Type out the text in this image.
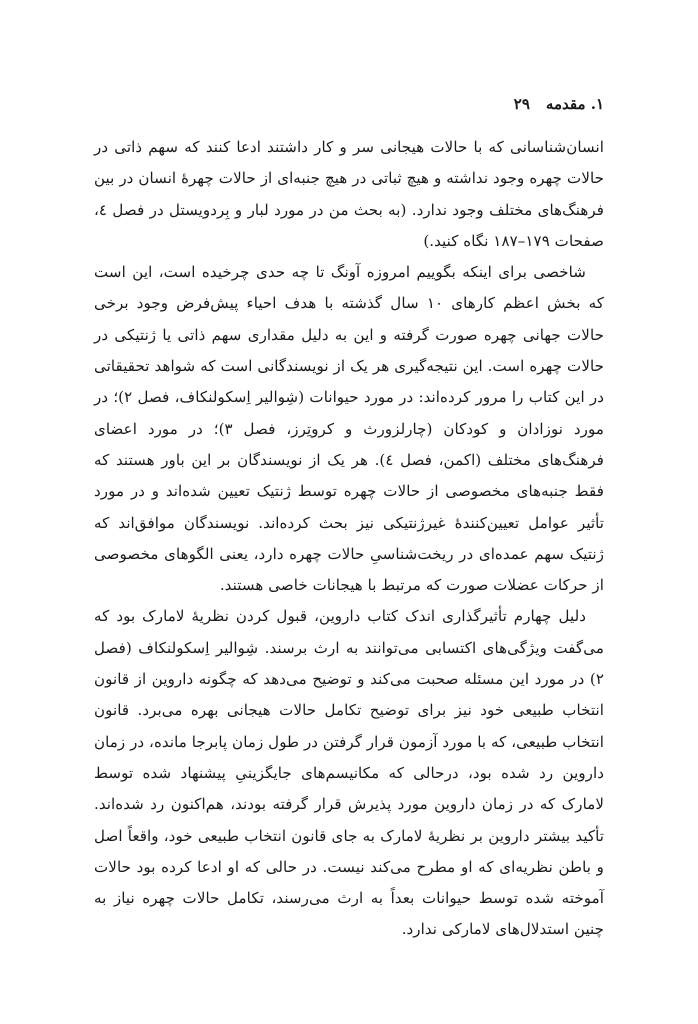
۱. مقدمه
۲۹

انسان‌شناسانی که با حالات هیجانی سر و کار داشتند ادعا کنند که سهم ذاتی در حالات چهره وجود نداشته و هیچ ثباتی در هیچ جنبه‌ای از حالات چهرهٔ انسان در بین فرهنگ‌های مختلف وجود ندارد. (به بحث من در مورد لبار و بِردویستل در فصل ٤، صفحات ۱۷۹–۱۸۷ نگاه کنید.)

شاخصی برای اینکه بگوییم امروزه آونگ تا چه حدی چرخیده است، این است که بخش اعظم کارهای ۱۰ سال گذشته با هدف احیاء پیش‌فرض وجود برخی حالات جهانی چهره صورت گرفته و این به دلیل مقداری سهم ذاتی یا ژنتیکی در حالات چهره است. این نتیجه‌گیری هر یک از نویسندگانی است که شواهد تحقیقاتی در این کتاب را مرور کرده‌اند: در مورد حیوانات (شِوالیر اِسکولنکاف، فصل ۲)؛ در مورد نوزادان و کودکان (چارلزورث و کروتِرز، فصل ۳)؛ در مورد اعضای فرهنگ‌های مختلف (اکمن، فصل ٤). هر یک از نویسندگان بر این باور هستند که فقط جنبه‌های مخصوصی از حالات چهره توسط ژنتیک تعیین شده‌اند و در مورد تأثیر عوامل تعیین‌کنندهٔ غیرژنتیکی نیز بحث کرده‌اند. نویسندگان موافق‌اند که ژنتیک سهم عمده‌ای در ریخت‌شناسیِ حالات چهره دارد، یعنی الگوهای مخصوصی از حرکات عضلات صورت که مرتبط با هیجانات خاصی هستند.

دلیل چهارم تأثیرگذاری اندک کتاب داروین، قبول کردن نظریهٔ لامارک بود که می‌گفت ویژگی‌های اکتسابی می‌توانند به ارث برسند. شِوالیر اِسکولنکاف (فصل ۲) در مورد این مسئله صحبت می‌کند و توضیح می‌دهد که چگونه داروین از قانون انتخاب طبیعی خود نیز برای توضیح تکامل حالات هیجانی بهره می‌برد. قانون انتخاب طبیعی، که با مورد آزمون قرار گرفتن در طول زمان پابرجا مانده، در زمان داروین رد شده بود، درحالی که مکانیسم‌های جایگزینیِ پیشنهاد شده توسط لامارک که در زمان داروین مورد پذیرش قرار گرفته بودند، هم‌اکنون رد شده‌اند. تأکید بیشتر داروین بر نظریهٔ لامارک به جای قانون انتخاب طبیعی خود، واقعاً اصل و باطن نظریه‌ای که او مطرح می‌کند نیست. در حالی که او ادعا کرده بود حالات آموخته شده توسط حیوانات بعداً به ارث می‌رسند، تکامل حالات چهره نیاز به چنین استدلال‌های لامارکی ندارد.
